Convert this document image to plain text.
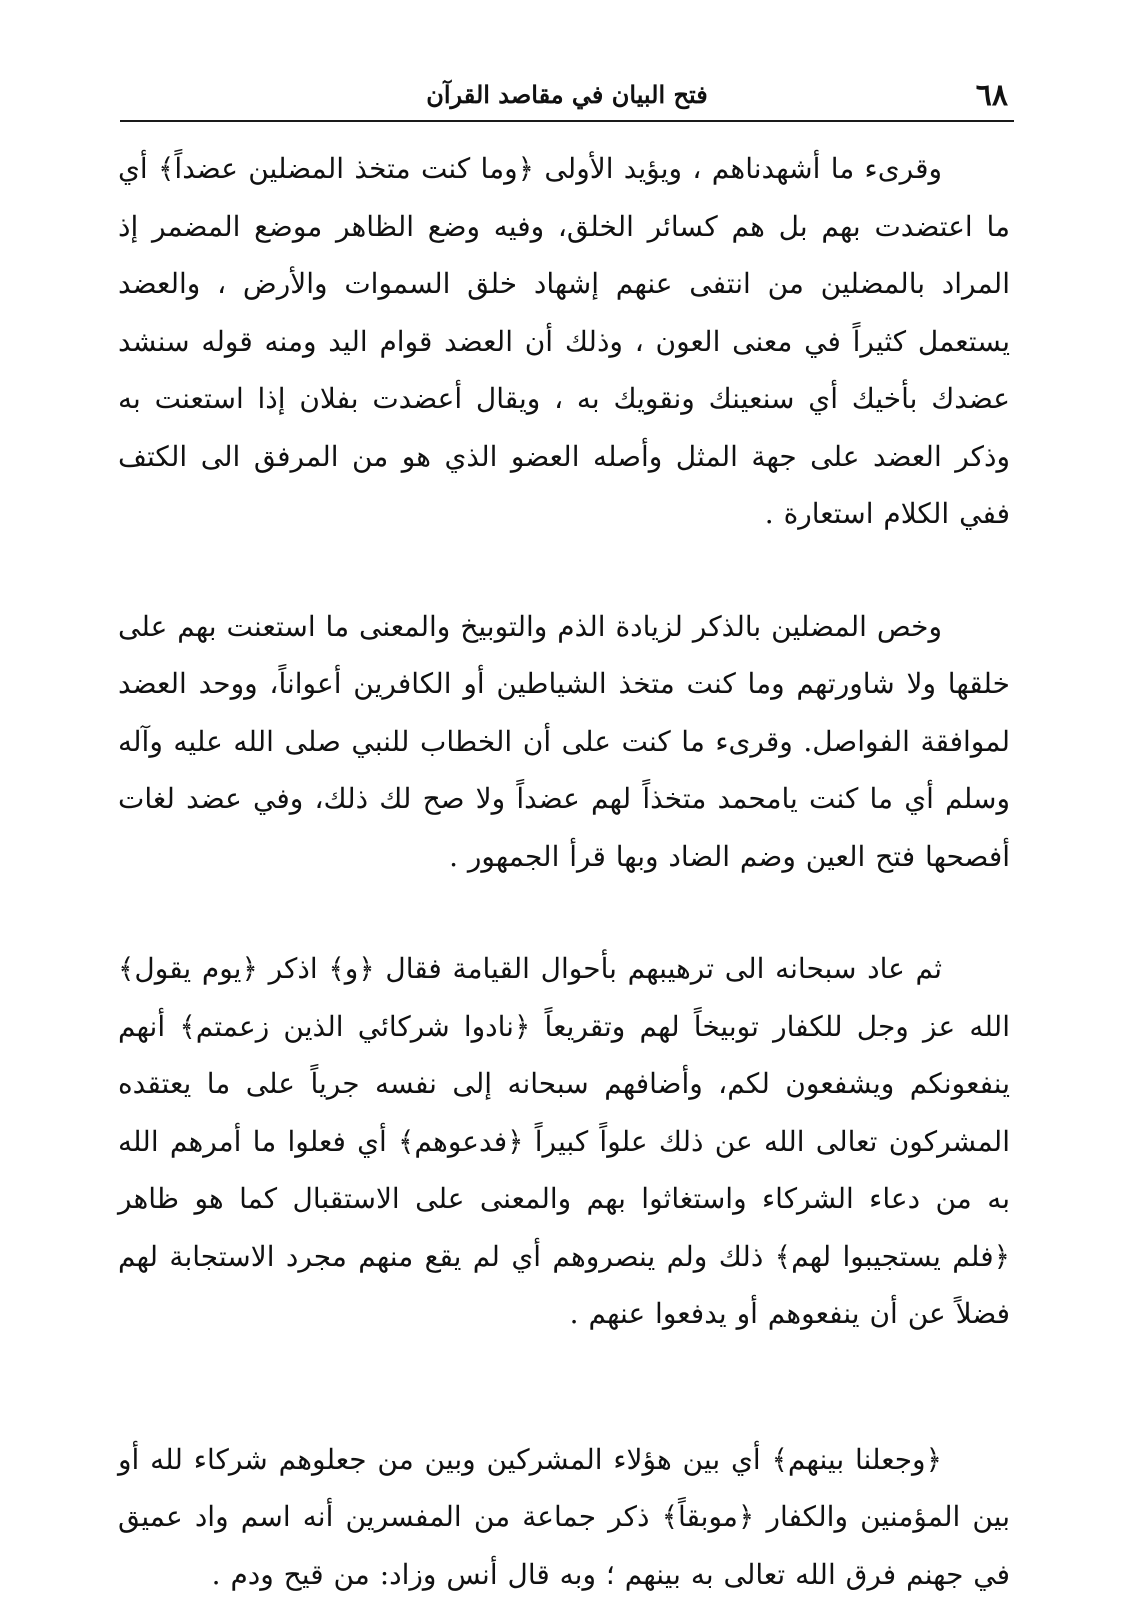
٦٨
فتح البيان في مقاصد القرآن

وقرىء ما أشهدناهم ، ويؤيد الأولى ﴿وما كنت متخذ المضلين عضداً﴾ أي ما اعتضدت بهم بل هم كسائر الخلق، وفيه وضع الظاهر موضع المضمر إذ المراد بالمضلين من انتفى عنهم إشهاد خلق السموات والأرض ، والعضد يستعمل كثيراً في معنى العون ، وذلك أن العضد قوام اليد ومنه قوله سنشد عضدك بأخيك أي سنعينك ونقويك به ، ويقال أعضدت بفلان إذا استعنت به وذكر العضد على جهة المثل وأصله العضو الذي هو من المرفق الى الكتف ففي الكلام استعارة .

وخص المضلين بالذكر لزيادة الذم والتوبيخ والمعنى ما استعنت بهم على خلقها ولا شاورتهم وما كنت متخذ الشياطين أو الكافرين أعواناً، ووحد العضد لموافقة الفواصل. وقرىء ما كنت على أن الخطاب للنبي صلى الله عليه وآله وسلم أي ما كنت يامحمد متخذاً لهم عضداً ولا صح لك ذلك، وفي عضد لغات أفصحها فتح العين وضم الضاد وبها قرأ الجمهور .

ثم عاد سبحانه الى ترهيبهم بأحوال القيامة فقال ﴿و﴾ اذكر ﴿يوم يقول﴾ الله عز وجل للكفار توبيخاً لهم وتقريعاً ﴿نادوا شركائي الذين زعمتم﴾ أنهم ينفعونكم ويشفعون لكم، وأضافهم سبحانه إلى نفسه جرياً على ما يعتقده المشركون تعالى الله عن ذلك علواً كبيراً ﴿فدعوهم﴾ أي فعلوا ما أمرهم الله به من دعاء الشركاء واستغاثوا بهم والمعنى على الاستقبال كما هو ظاهر ﴿فلم يستجيبوا لهم﴾ ذلك ولم ينصروهم أي لم يقع منهم مجرد الاستجابة لهم فضلاً عن أن ينفعوهم أو يدفعوا عنهم .

﴿وجعلنا بينهم﴾ أي بين هؤلاء المشركين وبين من جعلوهم شركاء لله أو بين المؤمنين والكفار ﴿موبقاً﴾ ذكر جماعة من المفسرين أنه اسم واد عميق في جهنم فرق الله تعالى به بينهم ؛ وبه قال أنس وزاد: من قيح ودم .
